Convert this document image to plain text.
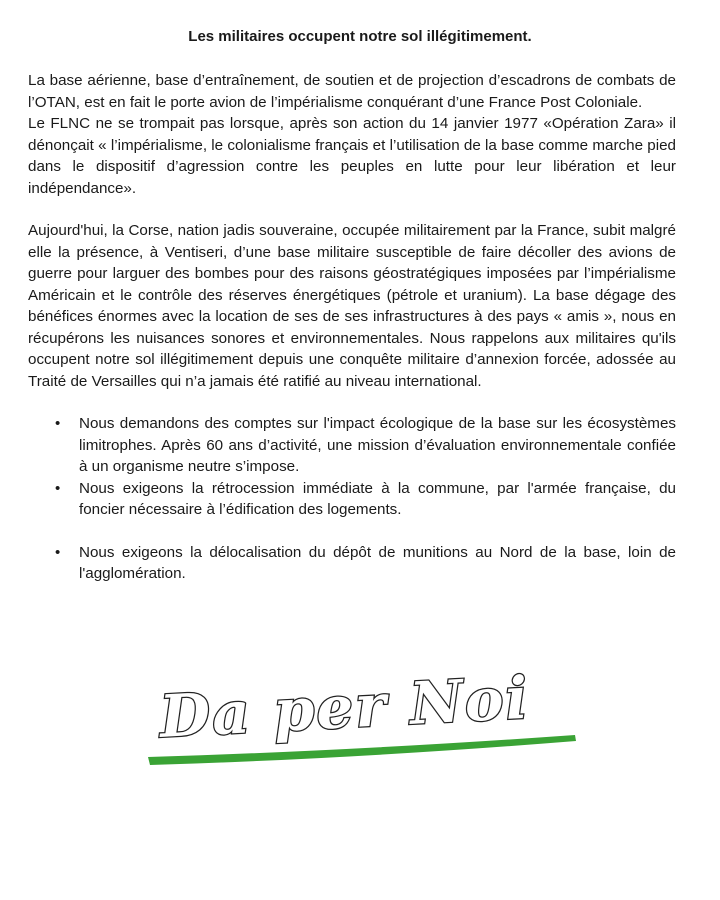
Les militaires occupent notre sol illégitimement.

La base aérienne, base d’entraînement, de soutien et de projection d’escadrons de combats de l’OTAN, est en fait le porte avion de l’impérialisme conquérant d’une France Post Coloniale.

Le FLNC ne se trompait pas lorsque, après son action du 14 janvier 1977 «Opération Zara» il dénonçait « l’impérialisme, le colonialisme français et l’utilisation de la base comme marche pied dans le dispositif d’agression contre les peuples en lutte pour leur libération et leur indépendance».

Aujourd'hui, la Corse, nation jadis souveraine, occupée militairement par la France, subit malgré elle la présence, à Ventiseri, d’une base militaire susceptible de faire décoller des avions de guerre pour larguer des bombes pour des raisons géostratégiques imposées par l’impérialisme Américain et le contrôle des réserves énergétiques (pétrole et uranium). La base dégage des bénéfices énormes avec la location de ses de ses infrastructures à des pays « amis », nous en récupérons les nuisances sonores et environnementales. Nous rappelons aux militaires qu'ils occupent notre sol illégitimement depuis une conquête militaire d’annexion forcée, adossée au Traité de Versailles qui n’a jamais été ratifié au niveau international.

• Nous demandons des comptes sur l'impact écologique de la base sur les écosystèmes limitrophes. Après 60 ans d’activité, une mission d’évaluation environnementale confiée à un organisme neutre s’impose.
• Nous exigeons la rétrocession immédiate à la commune, par l'armée française, du foncier nécessaire à l’édification des logements.
• Nous exigeons la délocalisation du dépôt de munitions au Nord de la base, loin de l'agglomération.
Da per Noi
